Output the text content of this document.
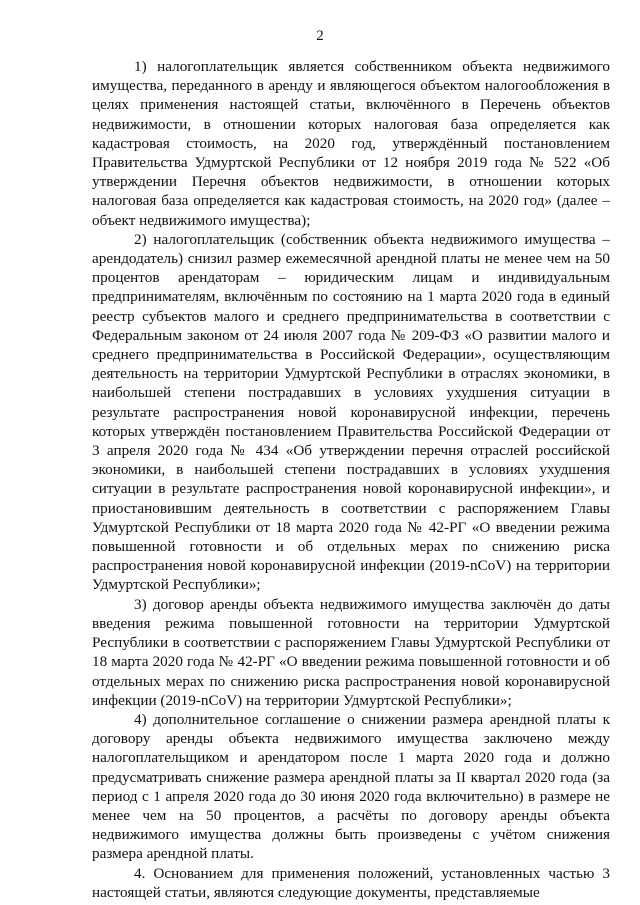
2

1) налогоплательщик является собственником объекта недвижимого имущества, переданного в аренду и являющегося объектом налогообложения в целях применения настоящей статьи, включённого в Перечень объектов недвижимости, в отношении которых налоговая база определяется как кадастровая стоимость, на 2020 год, утверждённый постановлением Правительства Удмуртской Республики от 12 ноября 2019 года № 522 «Об утверждении Перечня объектов недвижимости, в отношении которых налоговая база определяется как кадастровая стоимость, на 2020 год» (далее – объект недвижимого имущества);

2) налогоплательщик (собственник объекта недвижимого имущества – арендодатель) снизил размер ежемесячной арендной платы не менее чем на 50 процентов арендаторам – юридическим лицам и индивидуальным предпринимателям, включённым по состоянию на 1 марта 2020 года в единый реестр субъектов малого и среднего предпринимательства в соответствии с Федеральным законом от 24 июля 2007 года № 209-ФЗ «О развитии малого и среднего предпринимательства в Российской Федерации», осуществляющим деятельность на территории Удмуртской Республики в отраслях экономики, в наибольшей степени пострадавших в условиях ухудшения ситуации в результате распространения новой коронавирусной инфекции, перечень которых утверждён постановлением Правительства Российской Федерации от 3 апреля 2020 года № 434 «Об утверждении перечня отраслей российской экономики, в наибольшей степени пострадавших в условиях ухудшения ситуации в результате распространения новой коронавирусной инфекции», и приостановившим деятельность в соответствии с распоряжением Главы Удмуртской Республики от 18 марта 2020 года № 42-РГ «О введении режима повышенной готовности и об отдельных мерах по снижению риска распространения новой коронавирусной инфекции (2019-nCoV) на территории Удмуртской Республики»;

3) договор аренды объекта недвижимого имущества заключён до даты введения режима повышенной готовности на территории Удмуртской Республики в соответствии с распоряжением Главы Удмуртской Республики от 18 марта 2020 года № 42-РГ «О введении режима повышенной готовности и об отдельных мерах по снижению риска распространения новой коронавирусной инфекции (2019-nCoV) на территории Удмуртской Республики»;

4) дополнительное соглашение о снижении размера арендной платы к договору аренды объекта недвижимого имущества заключено между налогоплательщиком и арендатором после 1 марта 2020 года и должно предусматривать снижение размера арендной платы за II квартал 2020 года (за период с 1 апреля 2020 года до 30 июня 2020 года включительно) в размере не менее чем на 50 процентов, а расчёты по договору аренды объекта недвижимого имущества должны быть произведены с учётом снижения размера арендной платы.

4. Основанием для применения положений, установленных частью 3 настоящей статьи, являются следующие документы, представляемые
